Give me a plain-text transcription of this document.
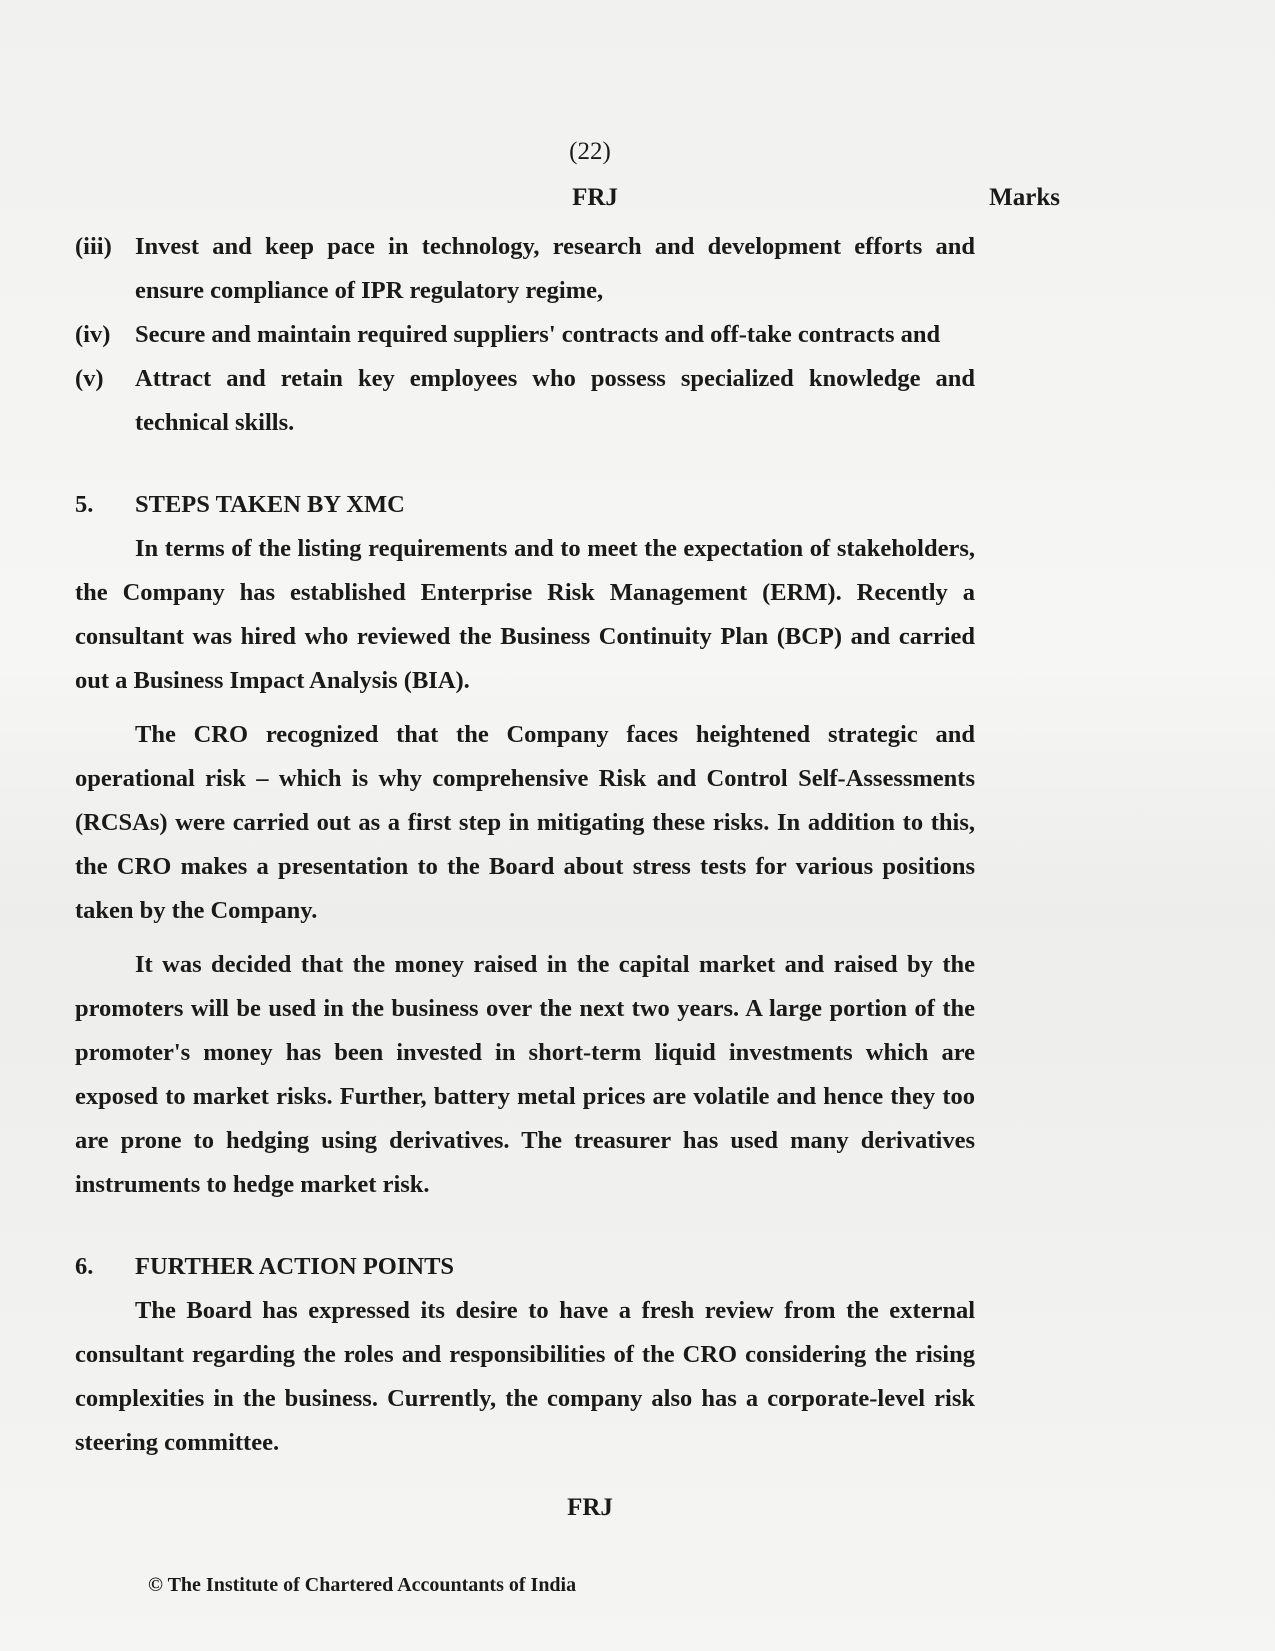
(22)
FRJ	Marks
(iii) Invest and keep pace in technology, research and development efforts and ensure compliance of IPR regulatory regime,
(iv)	Secure and maintain required suppliers' contracts and off-take contracts and
(v)	Attract and retain key employees who possess specialized knowledge and technical skills.
5.	STEPS TAKEN BY XMC

In terms of the listing requirements and to meet the expectation of stakeholders, the Company has established Enterprise Risk Management (ERM). Recently a consultant was hired who reviewed the Business Continuity Plan (BCP) and carried out a Business Impact Analysis (BIA).

The CRO recognized that the Company faces heightened strategic and operational risk – which is why comprehensive Risk and Control Self-Assessments (RCSAs) were carried out as a first step in mitigating these risks. In addition to this, the CRO makes a presentation to the Board about stress tests for various positions taken by the Company.

It was decided that the money raised in the capital market and raised by the promoters will be used in the business over the next two years. A large portion of the promoter's money has been invested in short-term liquid investments which are exposed to market risks. Further, battery metal prices are volatile and hence they too are prone to hedging using derivatives. The treasurer has used many derivatives instruments to hedge market risk.

6.	FURTHER ACTION POINTS

The Board has expressed its desire to have a fresh review from the external consultant regarding the roles and responsibilities of the CRO considering the rising complexities in the business. Currently, the company also has a corporate-level risk steering committee.

FRJ
© The Institute of Chartered Accountants of India
